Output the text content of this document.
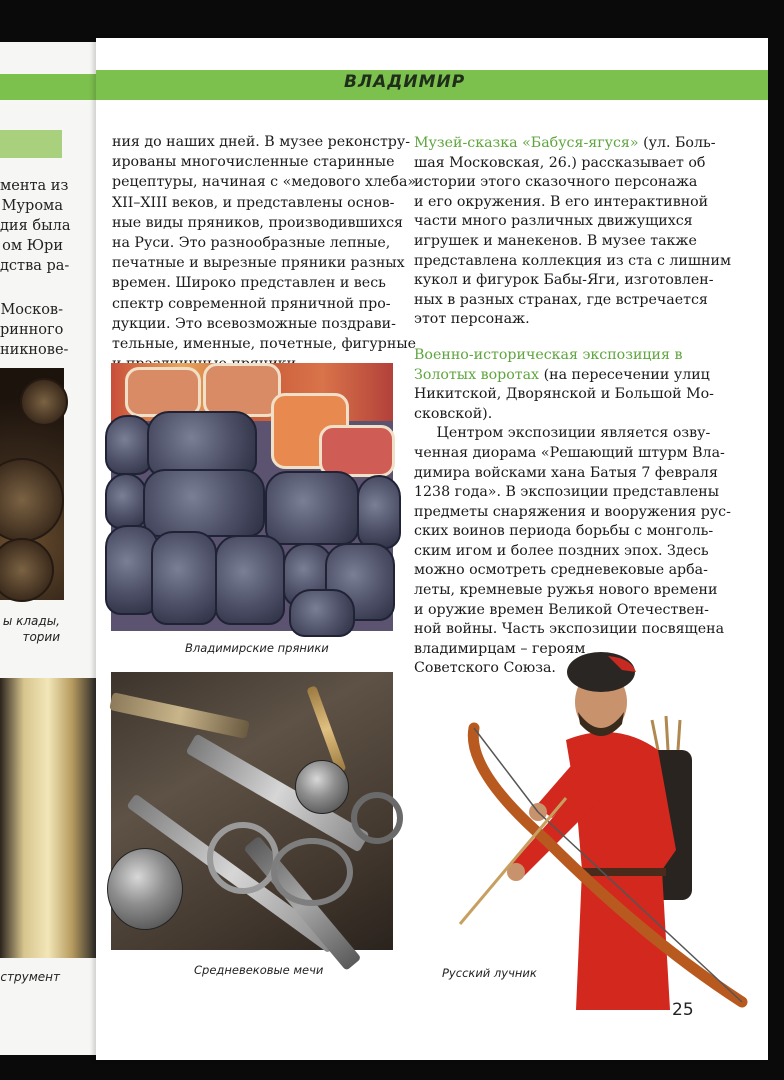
мента из
Мурома
дия была
ом Юри
дства ра-
Москов-
ринного
никнове-
ы клады,
тории
струмент
ВЛАДИМИР
ния до наших дней. В музее реконстру-
ированы многочисленные старинные
рецептуры, начиная с «медового хлеба»
XII–XIII веков, и представлены основ-
ные виды пряников, производившихся
на Руси. Это разнообразные лепные,
печатные и вырезные пряники разных
времен. Широко представлен и весь
спектр современной пряничной про-
дукции. Это всевозможные поздрави-
тельные, именные, почетные, фигурные
Владимирские пряники
Средневековые мечи
Музей-сказка «Бабуся-ягуся» (ул. Боль-
шая Московская, 26.) рассказывает об
истории этого сказочного персонажа
и его окружения. В его интерактивной
части много различных движущихся
игрушек и манекенов. В музее также
представлена коллекция из ста с лишним
кукол и фигурок Бабы-Яги, изготовлен-
ных в разных странах, где встречается
этот персонаж.
Военно-историческая экспозиция в
Золотых воротах (на пересечении улиц
Никитской, Дворянской и Большой Мо-
сковской).
Центром экспозиции является озву-
ченная диорама «Решающий штурм Вла-
димира войсками хана Батыя 7 февраля
1238 года». В экспозиции представлены
предметы снаряжения и вооружения рус-
ских воинов периода борьбы с монголь-
ским игом и более поздних эпох. Здесь
можно осмотреть средневековые арба-
леты, кремневые ружья нового времени
и оружие времен Великой Отечествен-
ной войны. Часть экспозиции посвящена
владимирцам – героям
Советского Союза.
Русский лучник
25
